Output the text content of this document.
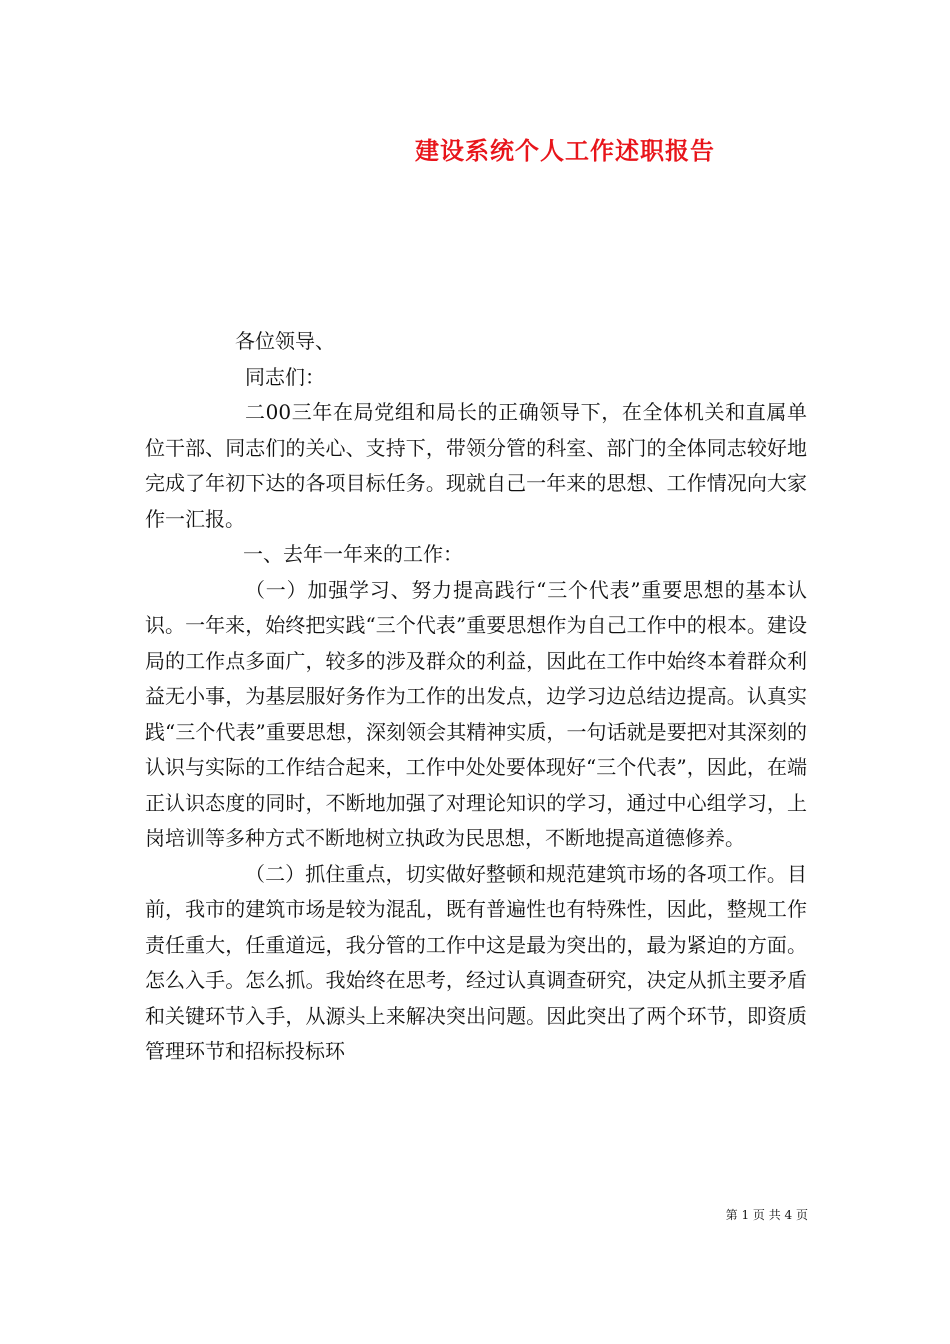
建设系统个人工作述职报告

各位领导、

同志们：

二00三年在局党组和局长的正确领导下，在全体机关和直属单位干部、同志们的关心、支持下，带领分管的科室、部门的全体同志较好地完成了年初下达的各项目标任务。现就自己一年来的思想、工作情况向大家作一汇报。

一、去年一年来的工作：

（一）加强学习、努力提高践行“三个代表”重要思想的基本认识。一年来，始终把实践“三个代表”重要思想作为自己工作中的根本。建设局的工作点多面广，较多的涉及群众的利益，因此在工作中始终本着群众利益无小事，为基层服好务作为工作的出发点，边学习边总结边提高。认真实践“三个代表”重要思想，深刻领会其精神实质，一句话就是要把对其深刻的认识与实际的工作结合起来，工作中处处要体现好“三个代表”，因此，在端正认识态度的同时，不断地加强了对理论知识的学习，通过中心组学习，上岗培训等多种方式不断地树立执政为民思想，不断地提高道德修养。

（二）抓住重点，切实做好整顿和规范建筑市场的各项工作。目前，我市的建筑市场是较为混乱，既有普遍性也有特殊性，因此，整规工作责任重大，任重道远，我分管的工作中这是最为突出的，最为紧迫的方面。怎么入手。怎么抓。我始终在思考，经过认真调查研究，决定从抓主要矛盾和关键环节入手，从源头上来解决突出问题。因此突出了两个环节，即资质管理环节和招标投标环

第 1 页 共 4 页
